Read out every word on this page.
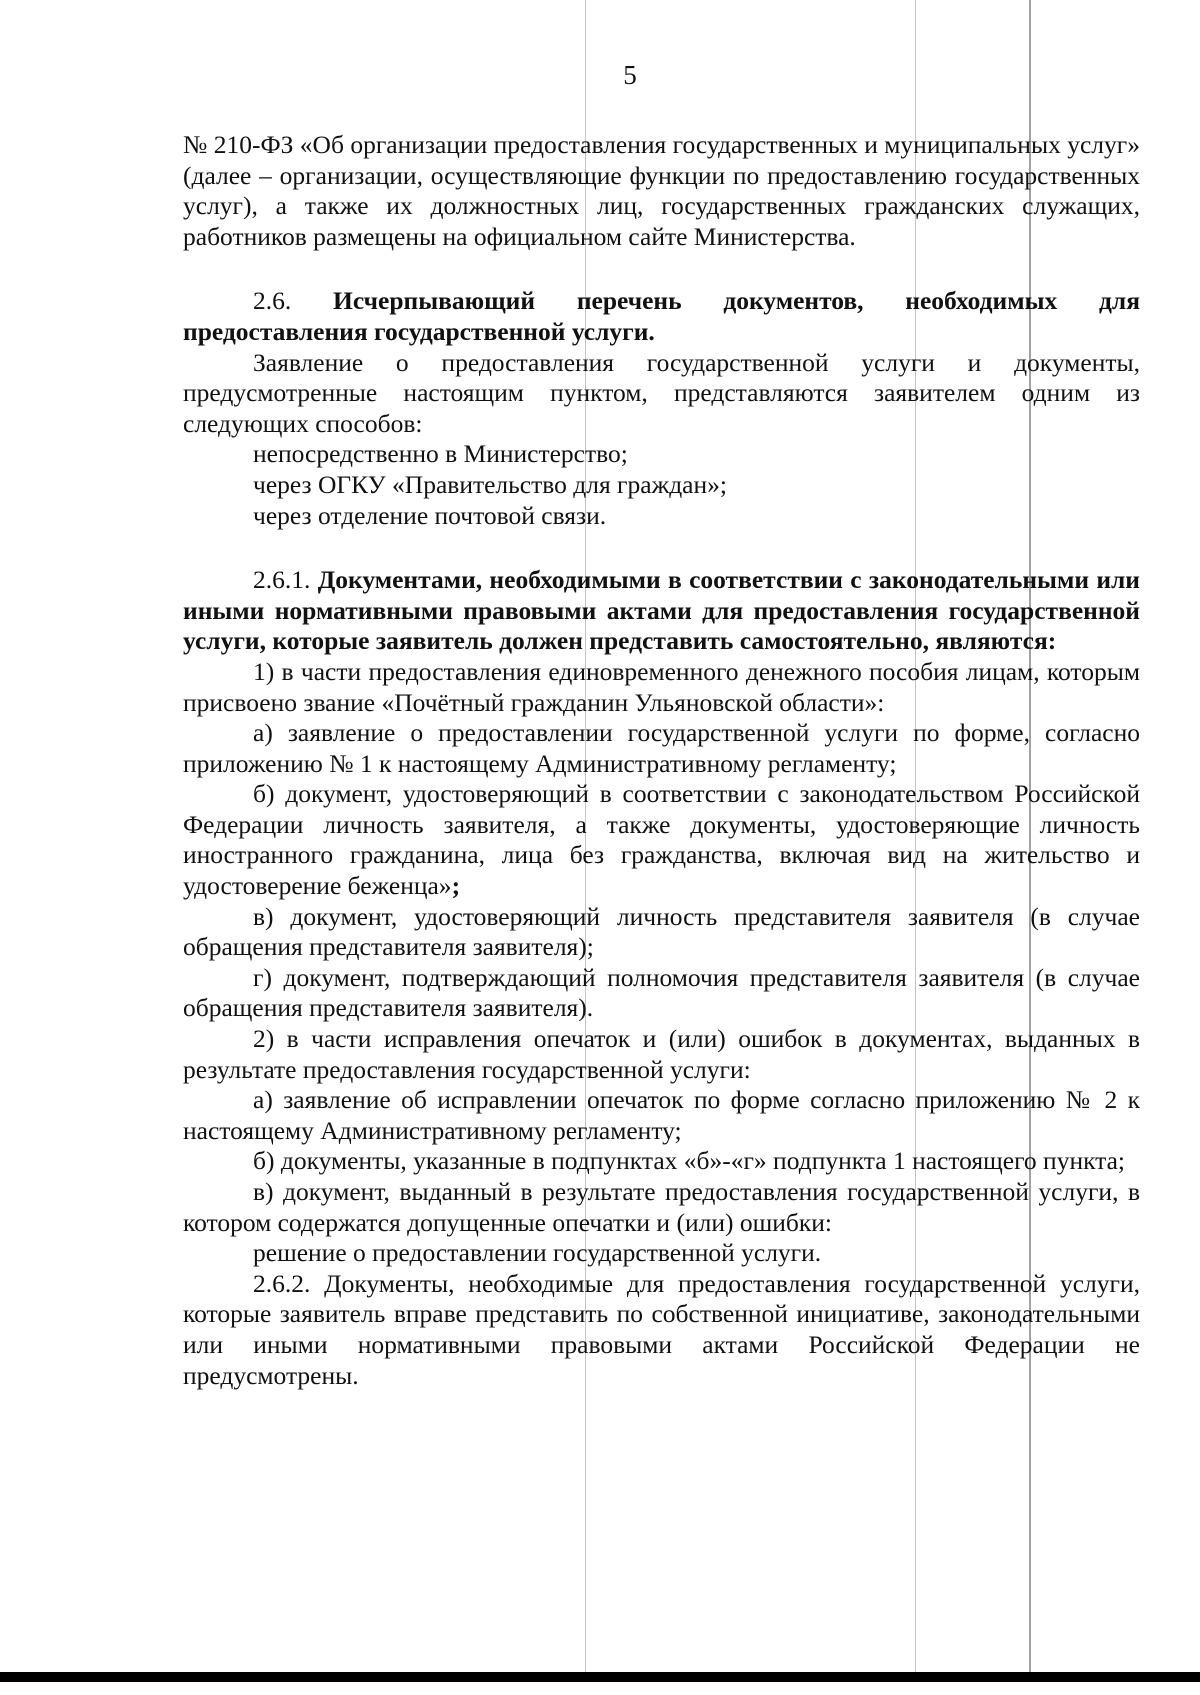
5

№ 210-ФЗ «Об организации предоставления государственных и муниципальных услуг» (далее – организации, осуществляющие функции по предоставлению государственных услуг), а также их должностных лиц, государственных гражданских служащих, работников размещены на официальном сайте Министерства.

2.6. Исчерпывающий перечень документов, необходимых для предоставления государственной услуги.

Заявление о предоставления государственной услуги и документы, предусмотренные настоящим пунктом, представляются заявителем одним из следующих способов:

непосредственно в Министерство;

через ОГКУ «Правительство для граждан»;

через отделение почтовой связи.

2.6.1. Документами, необходимыми в соответствии с законодательными или иными нормативными правовыми актами для предоставления государственной услуги, которые заявитель должен представить самостоятельно, являются:

1) в части предоставления единовременного денежного пособия лицам, которым присвоено звание «Почётный гражданин Ульяновской области»:

а) заявление о предоставлении государственной услуги по форме, согласно приложению № 1 к настоящему Административному регламенту;

б) документ, удостоверяющий в соответствии с законодательством Российской Федерации личность заявителя, а также документы, удостоверяющие личность иностранного гражданина, лица без гражданства, включая вид на жительство и удостоверение беженца»;

в) документ, удостоверяющий личность представителя заявителя (в случае обращения представителя заявителя);

г) документ, подтверждающий полномочия представителя заявителя (в случае обращения представителя заявителя).

2) в части исправления опечаток и (или) ошибок в документах, выданных в результате предоставления государственной услуги:

а) заявление об исправлении опечаток по форме согласно приложению № 2 к настоящему Административному регламенту;

б) документы, указанные в подпунктах «б»-«г» подпункта 1 настоящего пункта;

в) документ, выданный в результате предоставления государственной услуги, в котором содержатся допущенные опечатки и (или) ошибки:

решение о предоставлении государственной услуги.

2.6.2. Документы, необходимые для предоставления государственной услуги, которые заявитель вправе представить по собственной инициативе, законодательными или иными нормативными правовыми актами Российской Федерации не предусмотрены.
